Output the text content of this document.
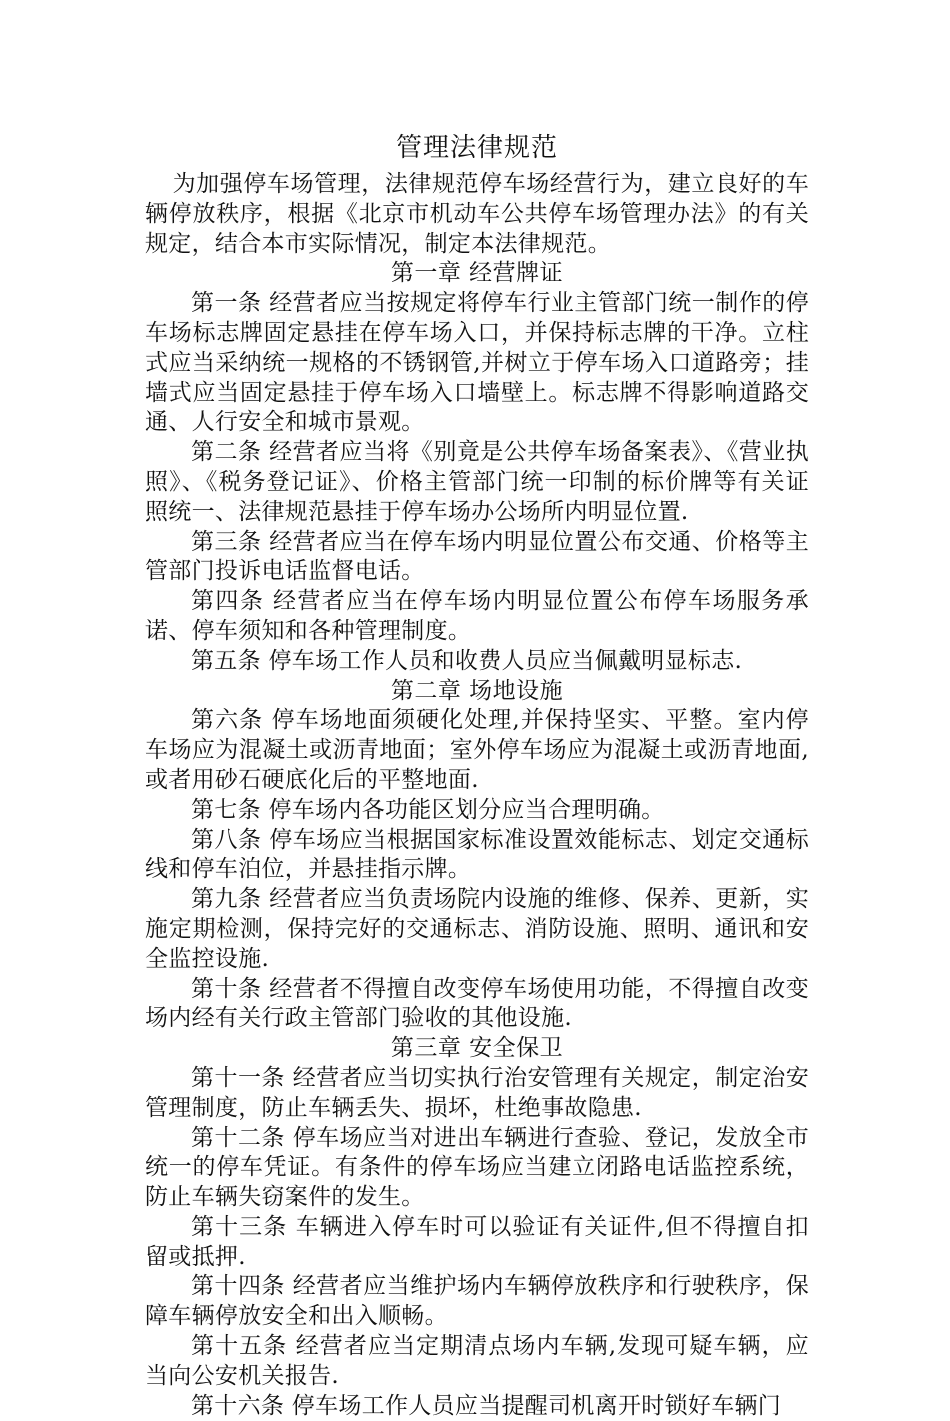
管理法律规范

为加强停车场管理，法律规范停车场经营行为，建立良好的车辆停放秩序，根据《北京市机动车公共停车场管理办法》的有关规定，结合本市实际情况，制定本法律规范。

第一章 经营牌证

第一条 经营者应当按规定将停车行业主管部门统一制作的停车场标志牌固定悬挂在停车场入口，并保持标志牌的干净。立柱式应当采纳统一规格的不锈钢管,并树立于停车场入口道路旁；挂墙式应当固定悬挂于停车场入口墙壁上。标志牌不得影响道路交通、人行安全和城市景观。

第二条 经营者应当将《别竟是公共停车场备案表》、《营业执照》、《税务登记证》、价格主管部门统一印制的标价牌等有关证照统一、法律规范悬挂于停车场办公场所内明显位置.

第三条 经营者应当在停车场内明显位置公布交通、价格等主管部门投诉电话监督电话。

第四条 经营者应当在停车场内明显位置公布停车场服务承诺、停车须知和各种管理制度。

第五条 停车场工作人员和收费人员应当佩戴明显标志.

第二章 场地设施

第六条 停车场地面须硬化处理,并保持坚实、平整。室内停车场应为混凝土或沥青地面；室外停车场应为混凝土或沥青地面,或者用砂石硬底化后的平整地面.

第七条 停车场内各功能区划分应当合理明确。

第八条 停车场应当根据国家标准设置效能标志、划定交通标线和停车泊位，并悬挂指示牌。

第九条 经营者应当负责场院内设施的维修、保养、更新，实施定期检测，保持完好的交通标志、消防设施、照明、通讯和安全监控设施.

第十条 经营者不得擅自改变停车场使用功能，不得擅自改变场内经有关行政主管部门验收的其他设施.

第三章 安全保卫

第十一条 经营者应当切实执行治安管理有关规定，制定治安管理制度，防止车辆丢失、损坏，杜绝事故隐患.

第十二条 停车场应当对进出车辆进行查验、登记，发放全市统一的停车凭证。有条件的停车场应当建立闭路电话监控系统，防止车辆失窃案件的发生。

第十三条 车辆进入停车时可以验证有关证件,但不得擅自扣留或抵押.

第十四条 经营者应当维护场内车辆停放秩序和行驶秩序，保障车辆停放安全和出入顺畅。

第十五条 经营者应当定期清点场内车辆,发现可疑车辆，应当向公安机关报告.

第十六条 停车场工作人员应当提醒司机离开时锁好车辆门
